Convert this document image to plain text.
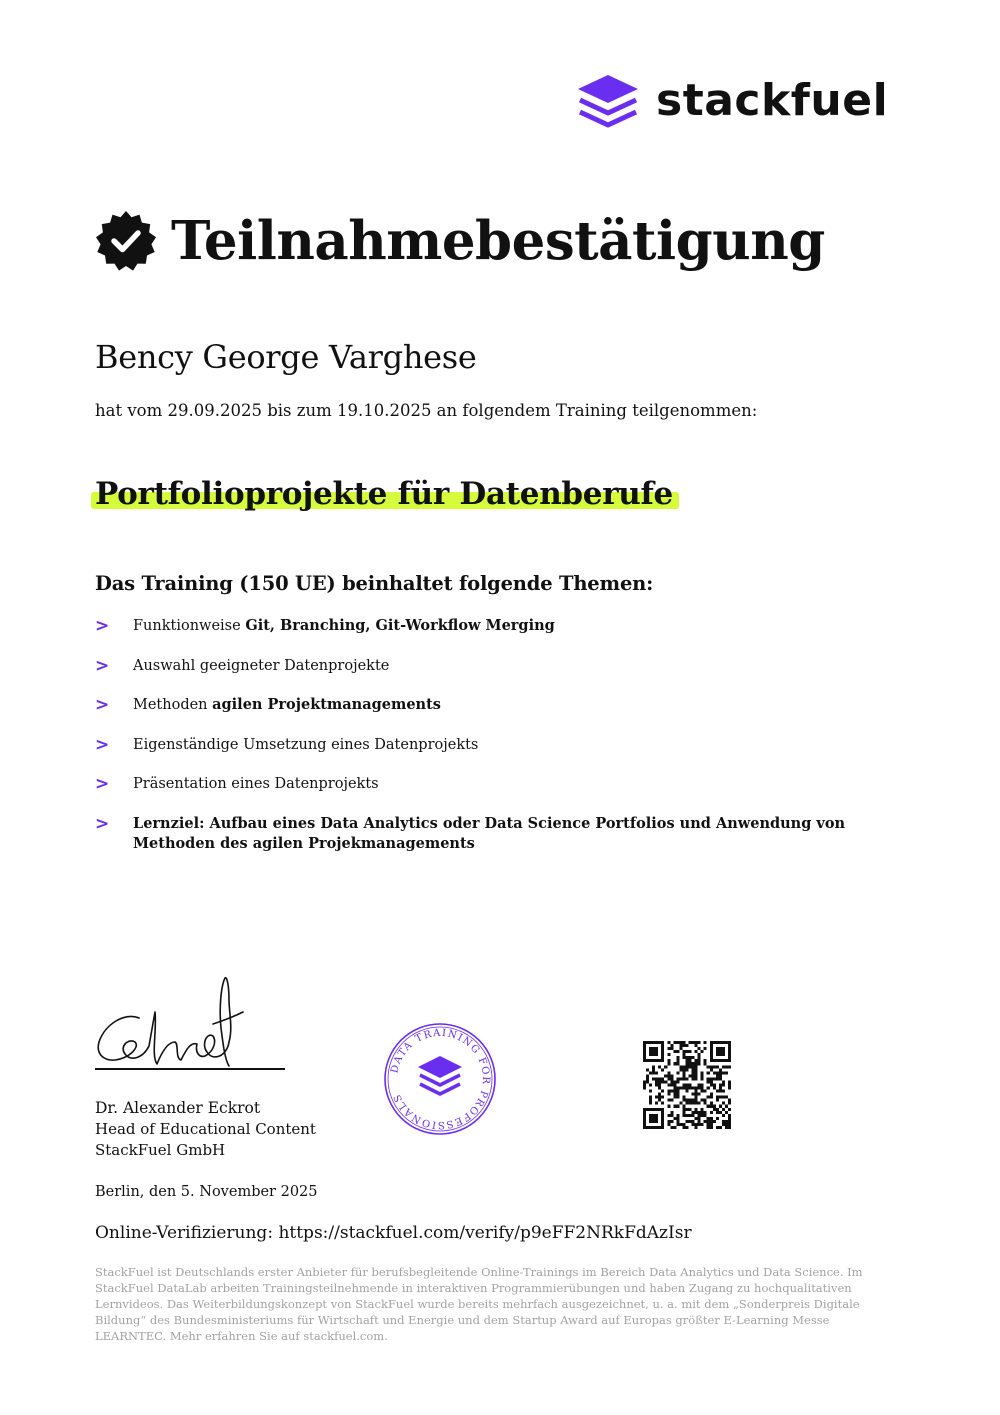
stackfuel
Teilnahmebestätigung
Bency George Varghese
hat vom 29.09.2025 bis zum 19.10.2025 an folgendem Training teilgenommen:
Portfolioprojekte für Datenberufe
Das Training (150 UE) beinhaltet folgende Themen:
> Funktionweise Git, Branching, Git-Workflow Merging
> Auswahl geeigneter Datenprojekte
> Methoden agilen Projektmanagements
> Eigenständige Umsetzung eines Datenprojekts
> Präsentation eines Datenprojekts
> Lernziel: Aufbau eines Data Analytics oder Data Science Portfolios und Anwendung von Methoden des agilen Projekmanagements
Dr. Alexander Eckrot
Head of Educational Content
StackFuel GmbH
DATA TRAINING FOR PROFESSIONALS
Berlin, den 5. November 2025
Online-Verifizierung: https://stackfuel.com/verify/p9eFF2NRkFdAzIsr
StackFuel ist Deutschlands erster Anbieter für berufsbegleitende Online-Trainings im Bereich Data Analytics und Data Science. Im StackFuel DataLab arbeiten Trainingsteilnehmende in interaktiven Programmierübungen und haben Zugang zu hochqualitativen Lernvideos. Das Weiterbildungskonzept von StackFuel wurde bereits mehrfach ausgezeichnet, u. a. mit dem „Sonderpreis Digitale Bildung“ des Bundesministeriums für Wirtschaft und Energie und dem Startup Award auf Europas größter E-Learning Messe LEARNTEC. Mehr erfahren Sie auf stackfuel.com.
